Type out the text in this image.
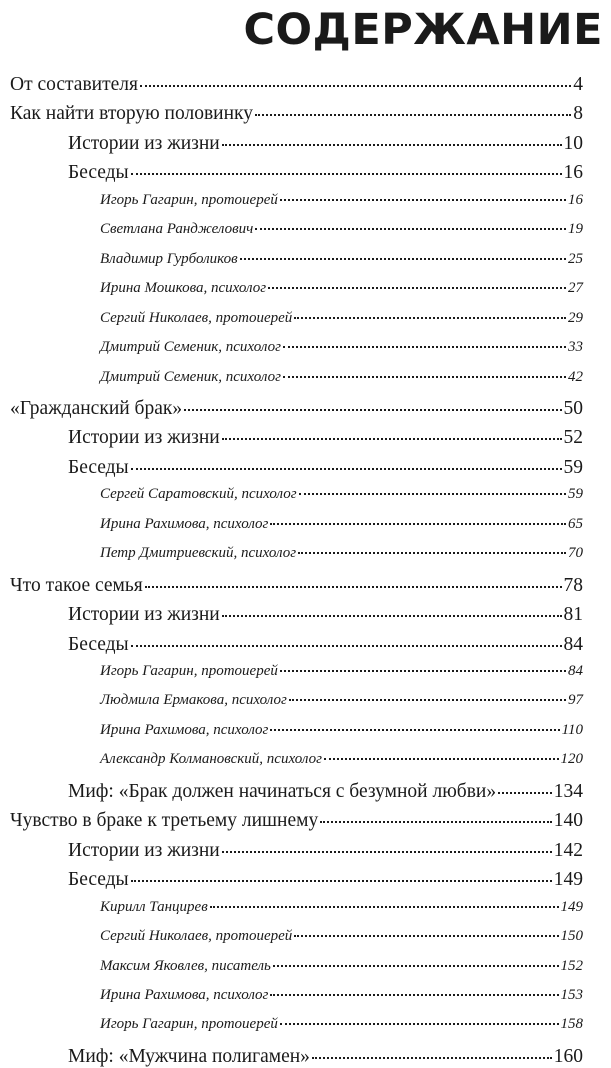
СОДЕРЖАНИЕ
От составителя	4
Как найти вторую половинку	8
Истории из жизни	10
Беседы	16
Игорь Гагарин, протоиерей	16
Светлана Ранджелович	19
Владимир Гурболиков	25
Ирина Мошкова, психолог	27
Сергий Николаев, протоиерей	29
Дмитрий Семеник, психолог	33
Дмитрий Семеник, психолог	42
«Гражданский брак»	50
Истории из жизни	52
Беседы	59
Сергей Саратовский, психолог	59
Ирина Рахимова, психолог	65
Петр Дмитриевский, психолог	70
Что такое семья	78
Истории из жизни	81
Беседы	84
Игорь Гагарин, протоиерей	84
Людмила Ермакова, психолог	97
Ирина Рахимова, психолог	110
Александр Колмановский, психолог	120
Миф: «Брак должен начинаться с безумной любви»	134
Чувство в браке к третьему лишнему	140
Истории из жизни	142
Беседы	149
Кирилл Танцирев	149
Сергий Николаев, протоиерей	150
Максим Яковлев, писатель	152
Ирина Рахимова, психолог	153
Игорь Гагарин, протоиерей	158
Миф: «Мужчина полигамен»	160
